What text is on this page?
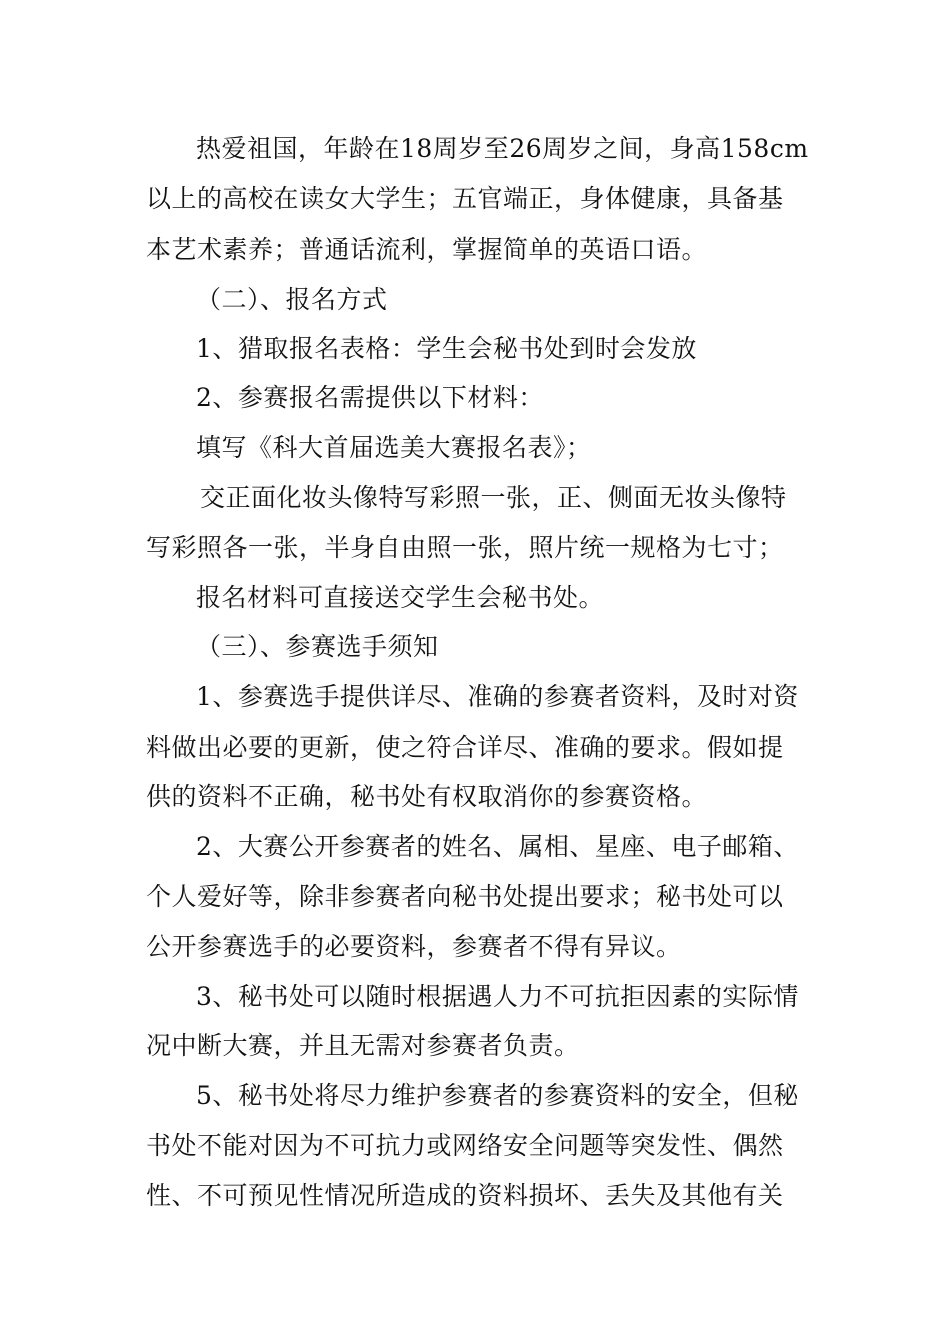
热爱祖国，年龄在18周岁至26周岁之间，身高158cm
以上的高校在读女大学生；五官端正，身体健康，具备基
本艺术素养；普通话流利，掌握简单的英语口语。
（二）、报名方式
1、猎取报名表格：学生会秘书处到时会发放
2、参赛报名需提供以下材料：
填写《科大首届选美大赛报名表》；
交正面化妆头像特写彩照一张，正、侧面无妆头像特
写彩照各一张，半身自由照一张，照片统一规格为七寸；
报名材料可直接送交学生会秘书处。
（三）、参赛选手须知
1、参赛选手提供详尽、准确的参赛者资料，及时对资
料做出必要的更新，使之符合详尽、准确的要求。假如提
供的资料不正确，秘书处有权取消你的参赛资格。
2、大赛公开参赛者的姓名、属相、星座、电子邮箱、
个人爱好等，除非参赛者向秘书处提出要求；秘书处可以
公开参赛选手的必要资料，参赛者不得有异议。
3、秘书处可以随时根据遇人力不可抗拒因素的实际情
况中断大赛，并且无需对参赛者负责。
5、秘书处将尽力维护参赛者的参赛资料的安全，但秘
书处不能对因为不可抗力或网络安全问题等突发性、偶然
性、不可预见性情况所造成的资料损坏、丢失及其他有关
